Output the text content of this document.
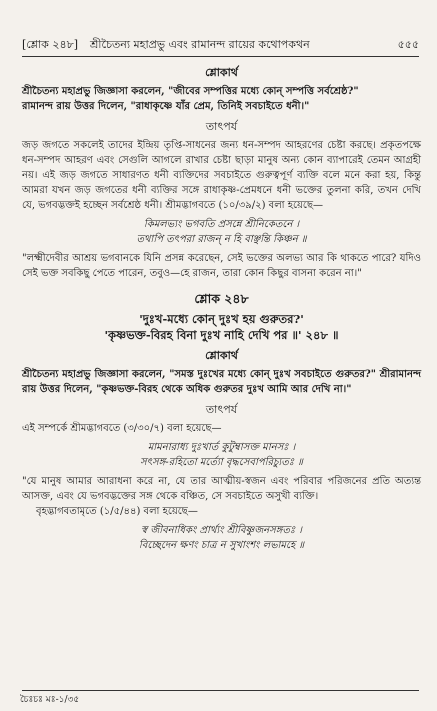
[শ্লোক ২৪৮] শ্রীচৈতন্য মহাপ্রভু এবং রামানন্দ রায়ের কথোপকথন	৫৫৫
শ্লোকার্থ

শ্রীচৈতন্য মহাপ্রভু জিজ্ঞাসা করলেন, "জীবের সম্পত্তির মধ্যে কোন্ সম্পত্তি সর্বশ্রেষ্ঠ?"

রামানন্দ রায় উত্তর দিলেন, "রাধাকৃষ্ণে যাঁর প্রেম, তিনিই সবচাইতে ধনী।"

তাৎপর্য

জড় জগতে সকলেই তাদের ইন্দ্রিয় তৃপ্তি-সাধনের জন্য ধন-সম্পদ আহরণের চেষ্টা করছে। প্রকৃতপক্ষে ধন-সম্পদ আহরণ এবং সেগুলি আগলে রাখার চেষ্টা ছাড়া মানুষ অন্য কোন ব্যাপারেই তেমন আগ্রহী নয়। এই জড় জগতে সাধারণত ধনী ব্যক্তিদের সবচাইতে গুরুত্বপূর্ণ ব্যক্তি বলে মনে করা হয়, কিন্তু আমরা যখন জড় জগতের ধনী ব্যক্তির সঙ্গে রাধাকৃষ্ণ-প্রেমধনে ধনী ভক্তের তুলনা করি, তখন দেখি যে, ভগবদ্ভক্তই হচ্ছেন সর্বশ্রেষ্ঠ ধনী। শ্রীমদ্ভাগবতে (১০/৩৯/২) বলা হয়েছে—

কিমলভ্যং ভগবতি প্রসন্নে শ্রীনিকেতনে ।
তথাপি তৎপরা রাজন্ ন হি বাঞ্ছন্তি কিঞ্চন ॥

"লক্ষ্মীদেবীর আশ্রয় ভগবানকে যিনি প্রসন্ন করেছেন, সেই ভক্তের অলভ্য আর কি থাকতে পারে? যদিও সেই ভক্ত সবকিছু পেতে পারেন, তবুও—হে রাজন, তারা কোন কিছুর বাসনা করেন না।"

শ্লোক ২৪৮

'দুঃখ-মধ্যে কোন্ দুঃখ হয় গুরুতর?'

'কৃষ্ণভক্ত-বিরহ বিনা দুঃখ নাহি দেখি পর ॥' ২৪৮ ॥

শ্লোকার্থ

শ্রীচৈতন্য মহাপ্রভু জিজ্ঞাসা করলেন, "সমস্ত দুঃখের মধ্যে কোন্ দুঃখ সবচাইতে গুরুতর?" শ্রীরামানন্দ রায় উত্তর দিলেন, "কৃষ্ণভক্ত-বিরহ থেকে অধিক গুরুতর দুঃখ আমি আর দেখি না।"

তাৎপর্য

এই সম্পর্কে শ্রীমদ্ভাগবতে (৩/৩০/৭) বলা হয়েছে—

মামনারাধ্য দুঃখার্ত কুটুম্বাসক্ত মানসঃ ।
সৎসঙ্গ-রহিতো মর্ত্যো বৃদ্ধসেবাপরিচ্যুতঃ ॥

"যে মানুষ আমার আরাধনা করে না, যে তার আত্মীয়-স্বজন এবং পরিবার পরিজনের প্রতি অত্যন্ত আসক্ত, এবং যে ভগবদ্ভক্তের সঙ্গ থেকে বঞ্চিত, সে সবচাইতে অসুখী ব্যক্তি।

বৃহদ্ভাগবতামৃতে (১/৫/৪৪) বলা হয়েছে—

স্ব জীবনাধিকং প্রার্থ্যং শ্রীবিষ্ণুজনসঙ্গতঃ ।
বিচ্ছেদেন ক্ষণং চাত্র ন সুখাংশং লভামহে ॥
চৈঃচঃ মঃ-১/৩৫
